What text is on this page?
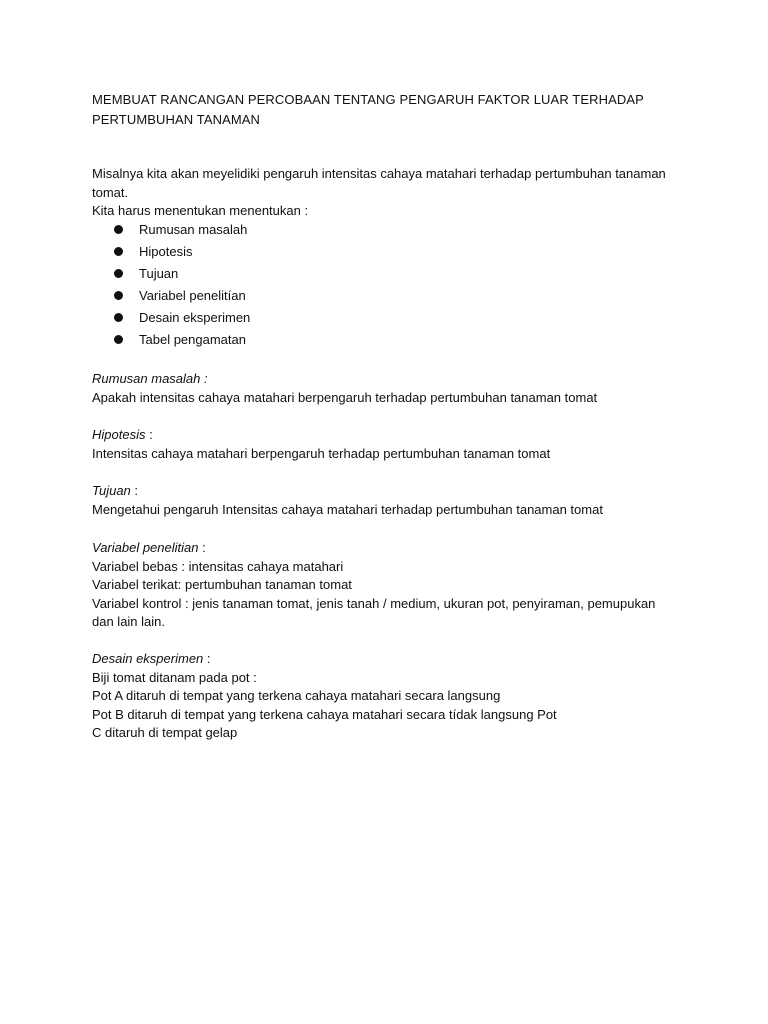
MEMBUAT RANCANGAN PERCOBAAN TENTANG PENGARUH FAKTOR LUAR TERHADAP
PERTUMBUHAN TANAMAN
Misalnya kita akan meyelidiki pengaruh intensitas cahaya matahari terhadap pertumbuhan tanaman
tomat.
Kita harus menentukan menentukan :
Rumusan masalah
Hipotesis
Tujuan
Variabel penelitían
Desain eksperimen
Tabel pengamatan
Rumusan masalah :
Apakah intensitas cahaya matahari berpengaruh terhadap pertumbuhan tanaman tomat
Hipotesis :
Intensitas cahaya matahari berpengaruh terhadap pertumbuhan tanaman tomat
Tujuan :
Mengetahui pengaruh Intensitas cahaya matahari terhadap pertumbuhan tanaman tomat
Variabel penelitian :
Variabel bebas : intensitas cahaya matahari
Variabel terikat: pertumbuhan tanaman tomat
Variabel kontrol : jenis tanaman tomat, jenis tanah / medium, ukuran pot, penyiraman, pemupukan
dan lain lain.
Desain eksperimen :
Biji tomat ditanam pada pot :
Pot A ditaruh di tempat yang terkena cahaya matahari secara langsung
Pot B ditaruh di tempat yang terkena cahaya matahari secara tídak langsung Pot
C ditaruh di tempat gelap
